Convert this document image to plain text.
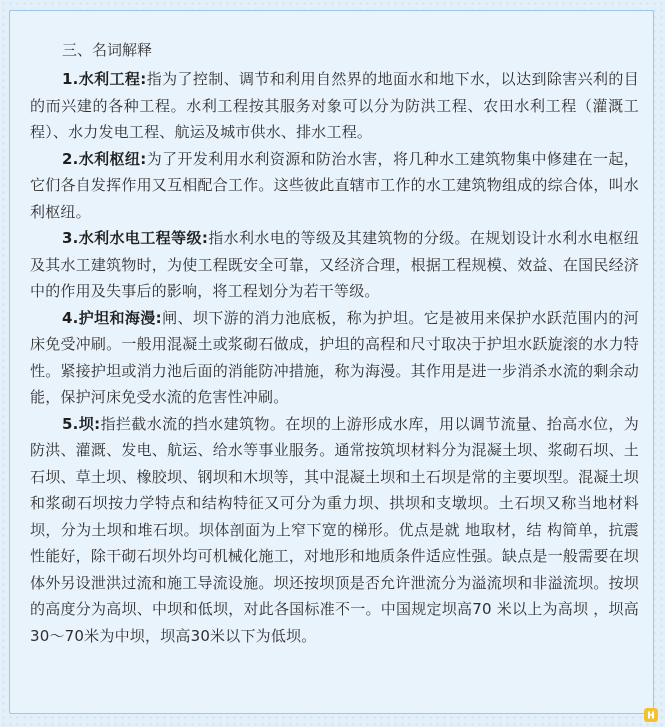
三、名词解释

1.水利工程:指为了控制、调节和利用自然界的地面水和地下水，以达到除害兴利的目的而兴建的各种工程。水利工程按其服务对象可以分为防洪工程、农田水利工程（灌溉工程）、水力发电工程、航运及城市供水、排水工程。

2.水利枢纽:为了开发利用水利资源和防治水害，将几种水工建筑物集中修建在一起，它们各自发挥作用又互相配合工作。这些彼此直辖市工作的水工建筑物组成的综合体，叫水利枢纽。

3.水利水电工程等级:指水利水电的等级及其建筑物的分级。在规划设计水利水电枢纽及其水工建筑物时，为使工程既安全可靠，又经济合理，根据工程规模、效益、在国民经济中的作用及失事后的影响，将工程划分为若干等级。

4.护坦和海漫:闸、坝下游的消力池底板，称为护坦。它是被用来保护水跃范围内的河床免受冲刷。一般用混凝土或浆砌石做成，护坦的高程和尺寸取决于护坦水跃旋滚的水力特性。紧接护坦或消力池后面的消能防冲措施，称为海漫。其作用是进一步消杀水流的剩余动能，保护河床免受水流的危害性冲刷。

5.坝:指拦截水流的挡水建筑物。在坝的上游形成水库，用以调节流量、抬高水位，为防洪、灌溉、发电、航运、给水等事业服务。通常按筑坝材料分为混凝土坝、浆砌石坝、土石坝、草土坝、橡胶坝、钢坝和木坝等，其中混凝土坝和土石坝是常的主要坝型。混凝土坝和浆砌石坝按力学特点和结构特征又可分为重力坝、拱坝和支墩坝。土石坝又称当地材料坝，分为土坝和堆石坝。坝体剖面为上窄下宽的梯形。优点是就 地取材，结 构简单，抗震性能好，除干砌石坝外均可机械化施工，对地形和地质条件适应性强。缺点是一般需要在坝体外另设泄洪过流和施工导流设施。坝还按坝顶是否允许泄流分为溢流坝和非溢流坝。按坝的高度分为高坝、中坝和低坝，对此各国标准不一。中国规定坝高70 米以上为高坝 ，坝高30～70米为中坝，坝高30米以下为低坝。
